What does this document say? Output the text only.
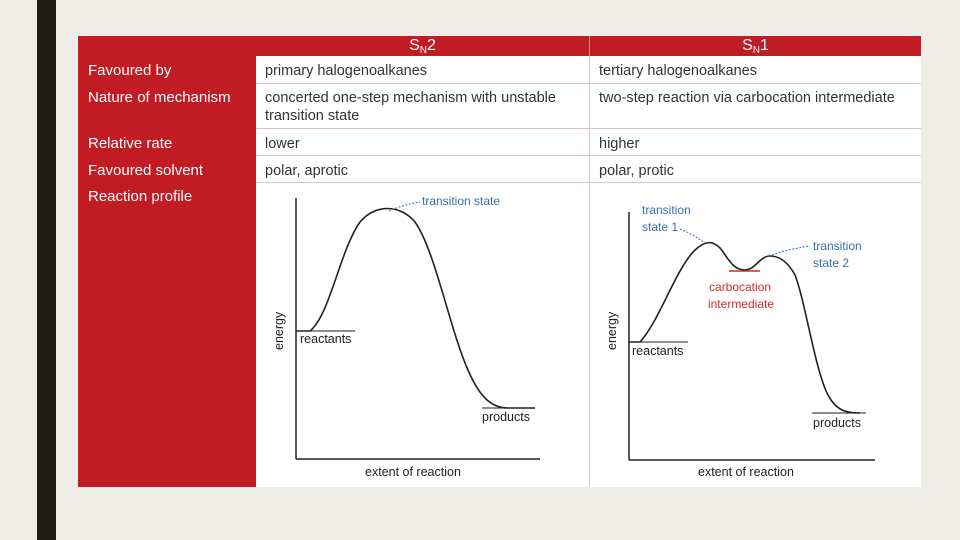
$S_N2$	$S_N1$
Favoured by
Nature of mechanism
Relative rate
Favoured solvent
Reaction profile
primary halogenoalkanes
concerted one-step mechanism with unstable
transition state
lower
polar, aprotic
tertiary halogenoalkanes
two-step reaction via carbocation intermediate
higher
polar, protic
transition state
reactants
products
extent of reaction
energy
transition
state 1
transition
state 2
carbocation
intermediate
reactants
products
extent of reaction
energy
